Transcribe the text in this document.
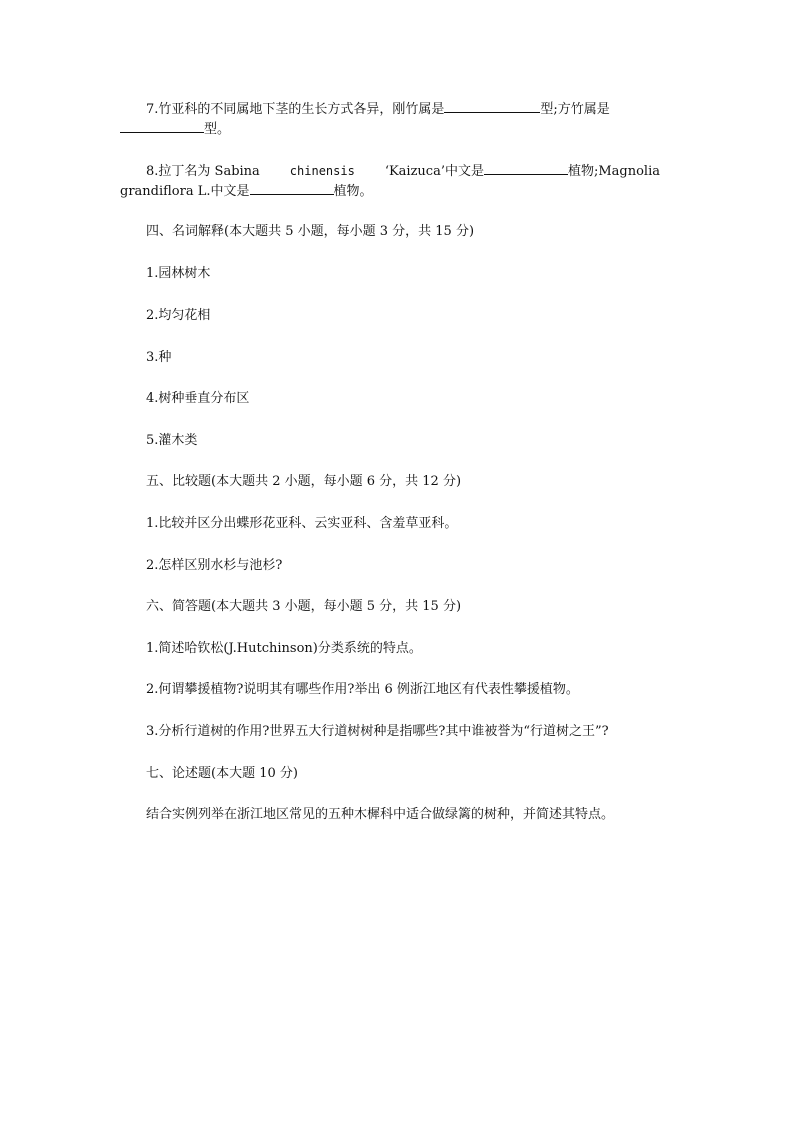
7.竹亚科的不同属地下茎的生长方式各异，刚竹属是	型;方竹属是
型。
8.拉丁名为 Sabina	chinensis ‘Kaizuca’中文是	植物;Magnolia
grandiflora L.中文是	植物。
四、名词解释(本大题共 5 小题，每小题 3 分，共 15 分)
1.园林树木
2.均匀花相
3.种
4.树种垂直分布区
5.灌木类
五、比较题(本大题共 2 小题，每小题 6 分，共 12 分)
1.比较并区分出蝶形花亚科、云实亚科、含羞草亚科。
2.怎样区别水杉与池杉?
六、简答题(本大题共 3 小题，每小题 5 分，共 15 分)
1.简述哈钦松(J.Hutchinson)分类系统的特点。
2.何谓攀援植物?说明其有哪些作用?举出 6 例浙江地区有代表性攀援植物。
3.分析行道树的作用?世界五大行道树树种是指哪些?其中谁被誉为“行道树之王”?
七、论述题(本大题 10 分)
结合实例列举在浙江地区常见的五种木樨科中适合做绿篱的树种，并简述其特点。
